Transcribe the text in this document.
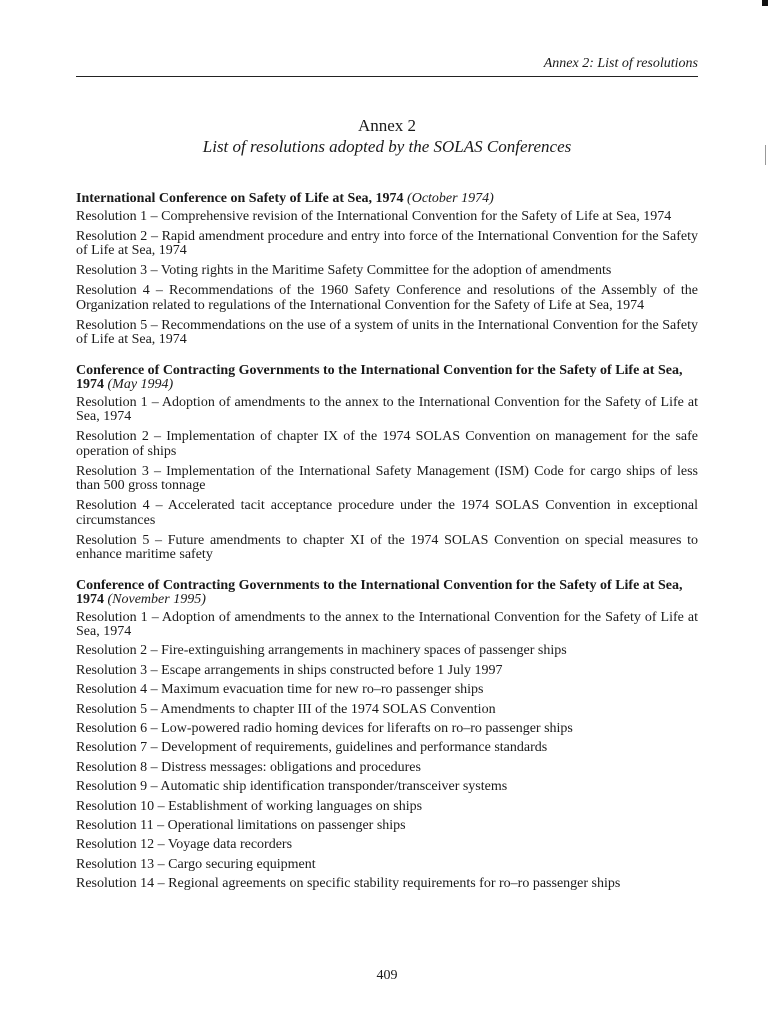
Annex 2: List of resolutions
Annex 2
List of resolutions adopted by the SOLAS Conferences
International Conference on Safety of Life at Sea, 1974 (October 1974)
Resolution 1 – Comprehensive revision of the International Convention for the Safety of Life at Sea, 1974
Resolution 2 – Rapid amendment procedure and entry into force of the International Convention for the Safety of Life at Sea, 1974
Resolution 3 – Voting rights in the Maritime Safety Committee for the adoption of amendments
Resolution 4 – Recommendations of the 1960 Safety Conference and resolutions of the Assembly of the Organization related to regulations of the International Convention for the Safety of Life at Sea, 1974
Resolution 5 – Recommendations on the use of a system of units in the International Convention for the Safety of Life at Sea, 1974
Conference of Contracting Governments to the International Convention for the Safety of Life at Sea, 1974 (May 1994)
Resolution 1 – Adoption of amendments to the annex to the International Convention for the Safety of Life at Sea, 1974
Resolution 2 – Implementation of chapter IX of the 1974 SOLAS Convention on management for the safe operation of ships
Resolution 3 – Implementation of the International Safety Management (ISM) Code for cargo ships of less than 500 gross tonnage
Resolution 4 – Accelerated tacit acceptance procedure under the 1974 SOLAS Convention in exceptional circumstances
Resolution 5 – Future amendments to chapter XI of the 1974 SOLAS Convention on special measures to enhance maritime safety
Conference of Contracting Governments to the International Convention for the Safety of Life at Sea, 1974 (November 1995)
Resolution 1 – Adoption of amendments to the annex to the International Convention for the Safety of Life at Sea, 1974
Resolution 2 – Fire-extinguishing arrangements in machinery spaces of passenger ships
Resolution 3 – Escape arrangements in ships constructed before 1 July 1997
Resolution 4 – Maximum evacuation time for new ro–ro passenger ships
Resolution 5 – Amendments to chapter III of the 1974 SOLAS Convention
Resolution 6 – Low-powered radio homing devices for liferafts on ro–ro passenger ships
Resolution 7 – Development of requirements, guidelines and performance standards
Resolution 8 – Distress messages: obligations and procedures
Resolution 9 – Automatic ship identification transponder/transceiver systems
Resolution 10 – Establishment of working languages on ships
Resolution 11 – Operational limitations on passenger ships
Resolution 12 – Voyage data recorders
Resolution 13 – Cargo securing equipment
Resolution 14 – Regional agreements on specific stability requirements for ro–ro passenger ships
409
